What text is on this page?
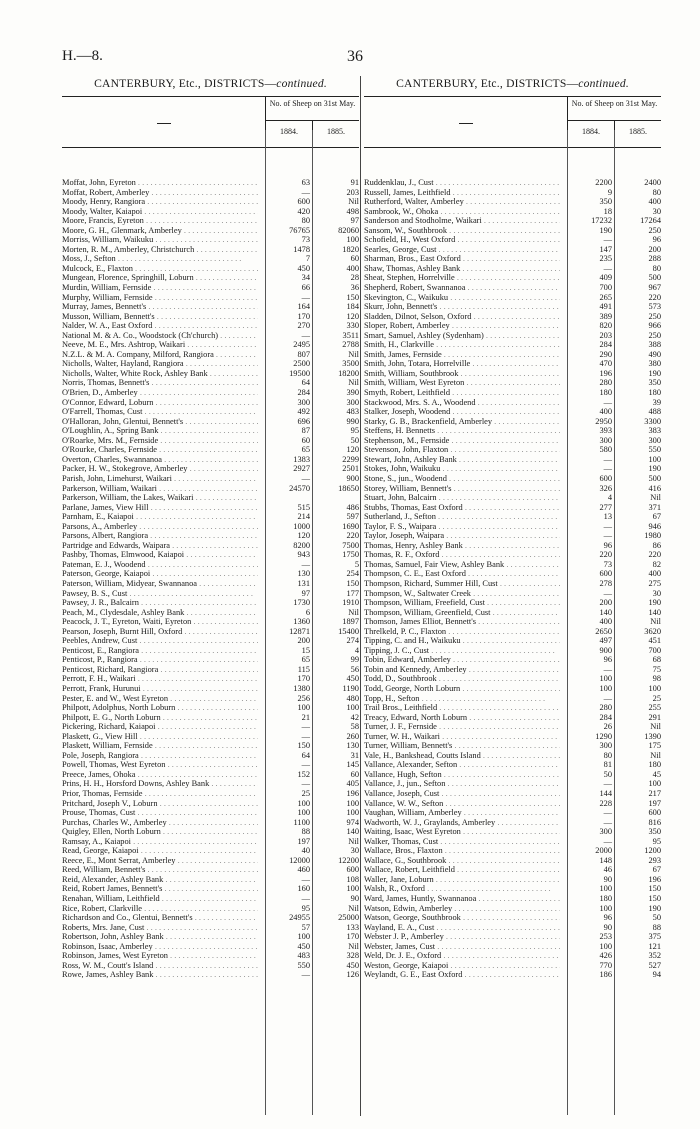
H.—8.	36
CANTERBURY, Etc., DISTRICTS—continued.
No. of Sheep on 31st May.
1884.	1885.
Moffat, John, Eyreton . . .	63	91
Moffat, Robert, Amberley . . .	—	203
Moody, Henry, Rangiora . . .	600	Nil
Moody, Walter, Kaiapoi . . .	420	498
Moore, Francis, Eyreton . . .	80	97
Moore, G. H., Glenmark, Amberley . . .	76765	82060
Morriss, William, Waikuku . . .	73	100
Morten, R. M., Amberley, Christchurch . . .	1478	1820
Moss, J., Sefton . . .	7	60
Mulcock, E., Flaxton . . .	450	400
Mungean, Florence, Springhill, Loburn . . .	34	28
Murdin, William, Fernside . . .	66	36
Murphy, William, Fernside . . .	—	150
Murray, James, Bennett's . . .	164	184
Musson, William, Bennett's . . .	170	120
Nalder, W. A., East Oxford . . .	270	330
National M. & A. Co., Woodstock (Ch'church) . . .	—	3511
Neeve, M. E., Mrs. Ashtrop, Waikari . . .	2495	2788
N.Z.L. & M. A. Company, Milford, Rangiora . . .	807	Nil
Nicholls, Walter, Hayland, Rangiora . . .	2500	3500
Nicholls, Walter, White Rock, Ashley Bank . . .	19500	18200
Norris, Thomas, Bennett's . . .	64	Nil
O'Brien, D., Amberley . . .	284	390
O'Connor, Edward, Loburn . . .	300	300
O'Farrell, Thomas, Cust . . .	492	483
O'Halloran, John, Glentui, Bennett's . . .	696	990
O'Loughlin, A., Spring Bank . . .	87	95
O'Roarke, Mrs. M., Fernside . . .	60	50
O'Rourke, Charles, Fernside . . .	65	120
Overton, Charles, Swannanoa . . .	1383	2299
Packer, H. W., Stokegrove, Amberley . . .	2927	2501
Parish, John, Limehurst, Waikari . . .	—	900
Parkerson, William, Waikari . . .	24570	18650
Parkerson, William, the Lakes, Waikari . . .
Parlane, James, View Hill . . .	515	486
Parnham, E., Kaiapoi . . .	214	597
Parsons, A., Amberley . . .	1000	1690
Parsons, Albert, Rangiora . . .	120	220
Partridge and Edwards, Waipara . . .	8200	7500
Pashby, Thomas, Elmwood, Kaiapoi . . .	943	1750
Pateman, E. J., Woodend . . .	—	5
Paterson, George, Kaiapoi . . .	130	254
Paterson, William, Midyear, Swannanoa . . .	131	150
Pawsey, B. S., Cust . . .	97	177
Pawsey, J. R., Balcairn . . .	1730	1910
Peach, M., Clydesdale, Ashley Bank . . .	6	Nil
Peacock, J. T., Eyreton, Waiti, Eyreton . . .	1360	1897
Pearson, Joseph, Burnt Hill, Oxford . . .	12871	15400
Peebles, Andrew, Cust . . .	200	274
Penticost, E., Rangiora . . .	15	4
Penticost, P., Rangiora . . .	65	99
Penticost, Richard, Rangiora . . .	115	56
Perrott, F. H., Waikari . . .	170	450
Perrott, Frank, Hurunui . . .	1380	1190
Pester, E. and W., West Eyreton . . .	256	480
Philpott, Adolphus, North Loburn . . .	100	100
Philpott, E. G., North Loburn . . .	21	42
Pickering, Richard, Kaiapoi . . .	—	58
Plaskett, G., View Hill . . .	—	260
Plaskett, William, Fernside . . .	150	130
Pole, Joseph, Rangiora . . .	64	31
Powell, Thomas, West Eyreton . . .	—	145
Preece, James, Ohoka . . .	152	60
Prins, H. H., Horsford Downs, Ashley Bank . . .	—	405
Prior, Thomas, Fernside . . .	25	196
Pritchard, Joseph V., Loburn . . .	100	100
Prouse, Thomas, Cust . . .	100	100
Purchas, Charles W., Amberley . . .	1100	974
Quigley, Ellen, North Loburn . . .	88	140
Ramsay, A., Kaiapoi . . .	197	Nil
Read, George, Kaiapoi . . .	40	30
Reece, E., Mont Serrat, Amberley . . .	12000	12200
Reed, William, Bennett's . . .	460	600
Reid, Alexander, Ashley Bank . . .	—	108
Reid, Robert James, Bennett's . . .	160	100
Renahan, William, Leithfield . . .	—	90
Rice, Robert, Clarkville . . .	95	Nil
Richardson and Co., Glentui, Bennett's . . .	24955	25000
Roberts, Mrs. Jane, Cust . . .	57	133
Robertson, John, Ashley Bank . . .	100	170
Robinson, Isaac, Amberley . . .	450	Nil
Robinson, James, West Eyreton . . .	483	328
Ross, W. M., Coutt's Island . . .	550	450
Rowe, James, Ashley Bank . . .	—	126
CANTERBURY, Etc., DISTRICTS—continued.
No. of Sheep on 31st May.
1884.	1885.
Ruddenklau, J., Cust . . .	2200	2400
Russell, James, Leithfield . . .	9	80
Rutherford, Walter, Amberley . . .	350	400
Sambrook, W., Ohoka . . .	18	30
Sanderson and Stodholme, Waikari . . .	17232	17264
Sansom, W., Southbrook . . .	190	250
Schofield, H., West Oxford . . .	—	96
Searles, George, Cust . . .	147	200
Sharman, Bros., East Oxford . . .	235	288
Shaw, Thomas, Ashley Bank . . .	—	80
Sheat, Stephen, Horrelville . . .	409	500
Shepherd, Robert, Swannanoa . . .	700	967
Skevington, C., Waikuku . . .	265	220
Skurr, John, Bennett's . . .	491	573
Sladden, Dilnot, Selson, Oxford . . .	389	250
Sloper, Robert, Amberley . . .	820	966
Smart, Samuel, Ashley (Sydenham) . . .	203	250
Smith, H., Clarkville . . .	284	388
Smith, James, Fernside . . .	290	490
Smith, John, Totara, Horrelville . . .	470	380
Smith, William, Southbrook . . .	196	190
Smith, William, West Eyreton . . .	280	350
Smyth, Robert, Leithfield . . .	180	180
Stackwood, Mrs. S. A., Woodend . . .	—	39
Stalker, Joseph, Woodend . . .	400	488
Starky, G. B., Brackenfield, Amberley . . .	2950	3300
Steffens, H. Bennetts . . .	393	383
Stephenson, M., Fernside . . .	300	300
Stevenson, John, Flaxton . . .	580	550
Stewart, John, Ashley Bank . . .	—	100
Stokes, John, Waikuku . . .	—	190
Stone, S., jun., Woodend . . .	600	500
Storey, William, Bennett's . . .	326	416
Stuart, John, Balcairn . . .	4	Nil
Stubbs, Thomas, East Oxford . . .	277	371
Sutherland, J., Sefton . . .	13	67
Taylor, F. S., Waipara . . .	—	946
Taylor, Joseph, Waipara . . .	—	1980
Thomas, Henry, Ashley Bank . . .	96	86
Thomas, R. F., Oxford . . .	220	220
Thomas, Samuel, Fair View, Ashley Bank . . .	73	82
Thompson, C. E., East Oxford . . .	600	400
Thompson, Richard, Summer Hill, Cust . . .	278	275
Thompson, W., Saltwater Creek . . .	—	30
Thompson, William, Freefield, Cust . . .	200	190
Thompson, William, Greenfield, Cust . . .	140	140
Thomson, James Elliot, Bennett's . . .	400	Nil
Threlkeld, P. C., Flaxton . . .	2650	3620
Tipping, C. and H., Waikuku . . .	497	451
Tipping, J. C., Cust . . .	900	700
Tobin, Edward, Amberley . . .	96	68
Tobin and Kennedy, Amberley . . .	—	75
Todd, D., Southbrook . . .	100	98
Todd, George, North Loburn . . .	100	100
Topp, H., Sefton . . .	—	25
Trail Bros., Leithfield . . .	280	255
Treacy, Edward, North Loburn . . .	284	291
Turner, J. F., Fernside . . .	26	Nil
Turner, W. H., Waikari . . .	1290	1390
Turner, William, Bennett's . . .	300	175
Vale, H., Bankshead, Coutts Island . . .	80	Nil
Vallance, Alexander, Sefton . . .	81	180
Vallance, Hugh, Sefton . . .	50	45
Vallance, J., jun., Sefton . . .	—	100
Vallance, Joseph, Cust . . .	144	217
Vallance, W. W., Sefton . . .	228	197
Vaughan, William, Amberley . . .	—	600
Wadworth, W. J., Graylands, Amberley . . .	—	816
Waiting, Isaac, West Eyreton . . .	300	350
Walker, Thomas, Cust . . .	—	95
Wallace, Bros., Flaxton . . .	2000	1200
Wallace, G., Southbrook . . .	148	293
Wallace, Robert, Leithfield . . .	46	67
Waller, Jane, Loburn . . .	90	196
Walsh, R., Oxford . . .	100	150
Ward, James, Huntly, Swannanoa . . .	180	150
Watson, Edwin, Amberley . . .	100	190
Watson, George, Southbrook . . .	96	50
Wayland, E. A., Cust . . .	90	88
Webster J. P., Amberley . . .	253	375
Webster, James, Cust . . .	100	121
Weld, Dr. J. E., Oxford . . .	426	352
Weston, George, Kaiapoi . . .	770	527
Weylandt, G. E., East Oxford . . .	186	94
